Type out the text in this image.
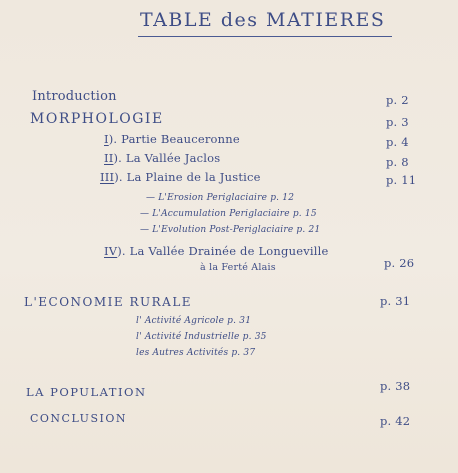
TABLE des MATIERES
Introduction	p. 2
MORPHOLOGIE	p. 3
I). Partie Beauceronne	p. 4
II). La Vallée Jaclos	p. 8
III). La Plaine de la Justice	p. 11
— L'Erosion Periglaciaire p. 12
— L'Accumulation Periglaciaire p. 15
— L'Evolution Post-Periglaciaire p. 21
IV). La Vallée Drainée de Longueville
à la Ferté Alais	p. 26
L'ECONOMIE RURALE	p. 31
l' Activité Agricole p. 31
l' Activité Industrielle p. 35
les Autres Activités p. 37
LA POPULATION	p. 38
CONCLUSION	p. 42
